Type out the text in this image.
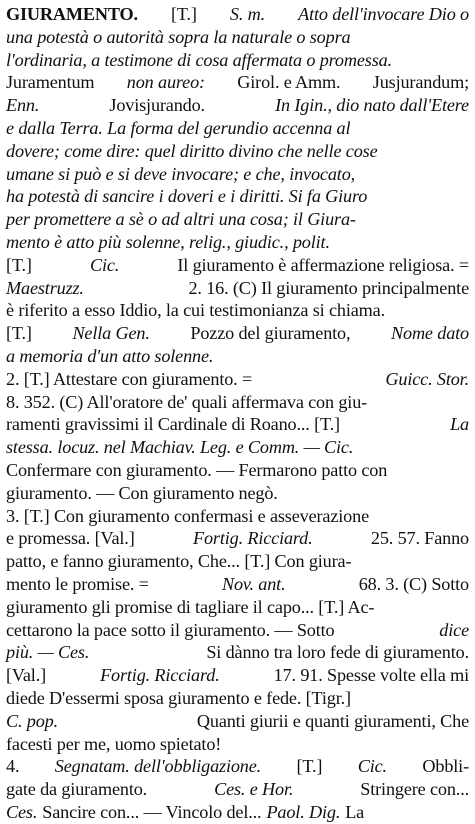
GIURAMENTO. [T.] S. m. Atto dell'invocare Dio o
una potestà o autorità sopra la naturale o sopra
l'ordinaria, a testimone di cosa affermata o promessa.
Juramentum non aureo: Girol. e Amm. Jusjurandum;
Enn.	Jovisjurando.	In Igin., dio nato dall'Etere
e dalla Terra. La forma del gerundio accenna al
dovere; come dire: quel diritto divino che nelle cose
umane si può e si deve invocare; e che, invocato,
ha potestà di sancire i doveri e i diritti. Si fa Giuro
per promettere a sè o ad altri una cosa; il Giura-
mento è atto più solenne, relig., giudic., polit.
[T.]	Cic.	Il giuramento è affermazione religiosa. =
Maestruzz.	2. 16. (C) Il giuramento principalmente
è riferito a esso Iddio, la cui testimonianza si chiama.
[T.] Nella Gen. Pozzo del giuramento, Nome dato
a memoria d'un atto solenne.
2. [T.] Attestare con giuramento. =	Guicc. Stor.
8. 352. (C) All'oratore de' quali affermava con giu-
ramenti gravissimi il Cardinale di Roano... [T.]	La
stessa. locuz. nel Machiav. Leg. e Comm. — Cic.
Confermare con giuramento. — Fermarono patto con
giuramento. — Con giuramento negò.
3. [T.] Con giuramento confermasi e asseverazione
e promessa. [Val.]	Fortig. Ricciard.	25. 57. Fanno
patto, e fanno giuramento, Che... [T.] Con giura-
mento le promise. =	Nov. ant.	68. 3. (C) Sotto
giuramento gli promise di tagliare il capo... [T.] Ac-
cettarono la pace sotto il giuramento. — Sotto	dice
più. — Ces.	Si dànno tra loro fede di giuramento.
[Val.]	Fortig. Ricciard.	17. 91. Spesse volte ella mi
diede D'essermi sposa giuramento e fede. [Tigr.]
C. pop.	Quanti giurii e quanti giuramenti, Che
facesti per me, uomo spietato!
4. Segnatam. dell'obbligazione. [T.] Cic. Obbli-
gate da giuramento.	Ces. e Hor.	Stringere con...
Ces. Sancire con... — Vincolo del... Paol. Dig. La
